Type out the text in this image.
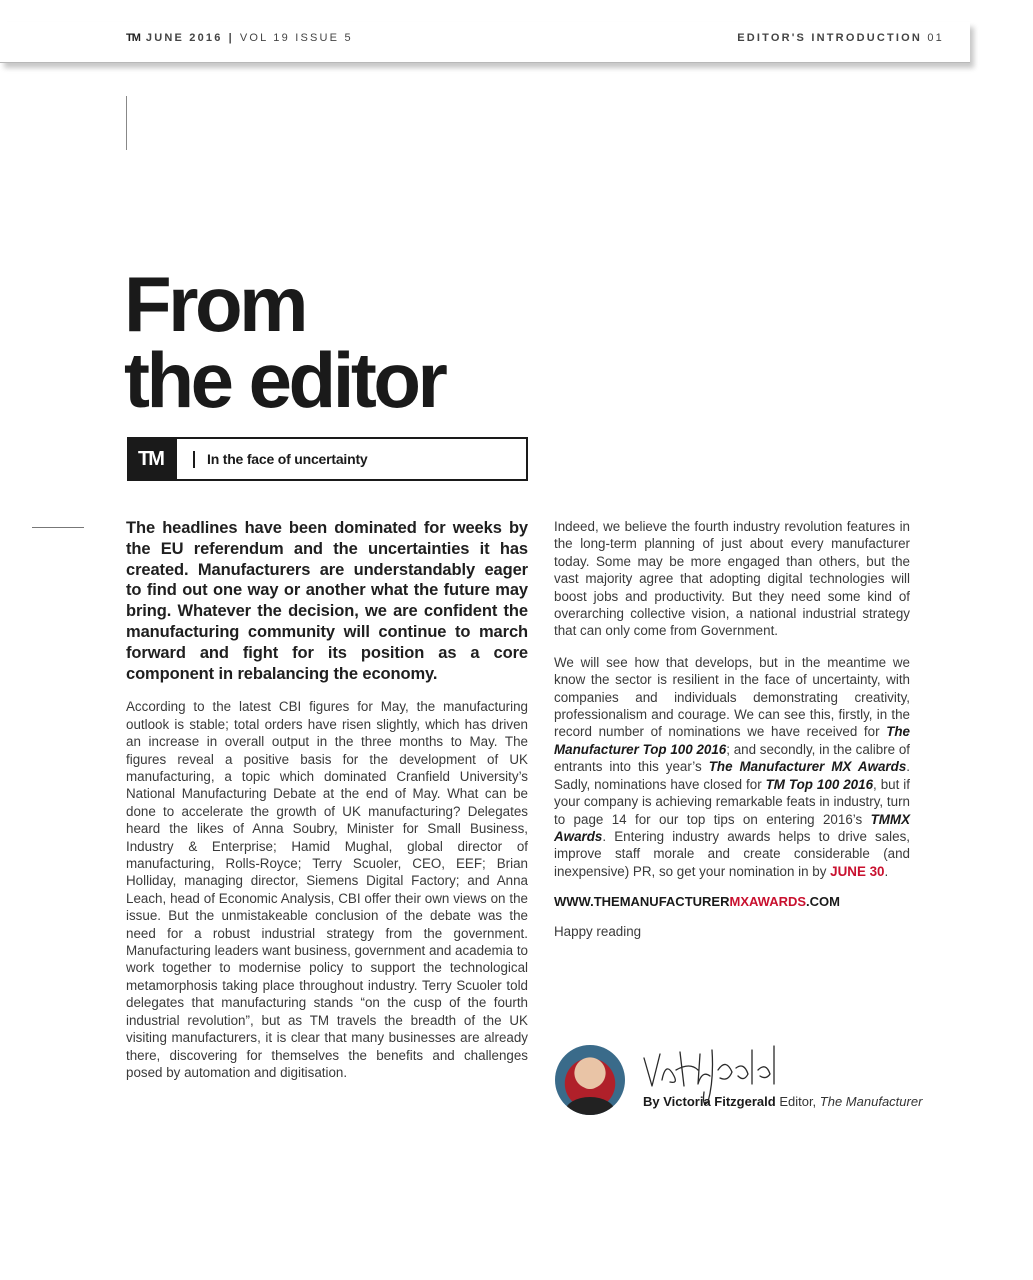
TM JUNE 2016 | VOL 19 ISSUE 5	EDITOR'S INTRODUCTION 01
From
the editor
TM	In the face of uncertainty

The headlines have been dominated for weeks by the EU referendum and the uncertainties it has created. Manufacturers are understandably eager to find out one way or another what the future may bring. Whatever the decision, we are confident the manufacturing community will continue to march forward and fight for its position as a core component in rebalancing the economy.

According to the latest CBI figures for May, the manufacturing outlook is stable; total orders have risen slightly, which has driven an increase in overall output in the three months to May. The figures reveal a positive basis for the development of UK manufacturing, a topic which dominated Cranfield University’s National Manufacturing Debate at the end of May. What can be done to accelerate the growth of UK manufacturing? Delegates heard the likes of Anna Soubry, Minister for Small Business, Industry & Enterprise; Hamid Mughal, global director of manufacturing, Rolls-Royce; Terry Scuoler, CEO, EEF; Brian Holliday, managing director, Siemens Digital Factory; and Anna Leach, head of Economic Analysis, CBI offer their own views on the issue. But the unmistakeable conclusion of the debate was the need for a robust industrial strategy from the government. Manufacturing leaders want business, government and academia to work together to modernise policy to support the technological metamorphosis taking place throughout industry. Terry Scuoler told delegates that manufacturing stands “on the cusp of the fourth industrial revolution”, but as TM travels the breadth of the UK visiting manufacturers, it is clear that many businesses are already there, discovering for themselves the benefits and challenges posed by automation and digitisation.

Indeed, we believe the fourth industry revolution features in the long-term planning of just about every manufacturer today. Some may be more engaged than others, but the vast majority agree that adopting digital technologies will boost jobs and productivity. But they need some kind of overarching collective vision, a national industrial strategy that can only come from Government.

We will see how that develops, but in the meantime we know the sector is resilient in the face of uncertainty, with companies and individuals demonstrating creativity, professionalism and courage. We can see this, firstly, in the record number of nominations we have received for The Manufacturer Top 100 2016; and secondly, in the calibre of entrants into this year’s The Manufacturer MX Awards. Sadly, nominations have closed for TM Top 100 2016, but if your company is achieving remarkable feats in industry, turn to page 14 for our top tips on entering 2016’s TMMX Awards. Entering industry awards helps to drive sales, improve staff morale and create considerable (and inexpensive) PR, so get your nomination in by JUNE 30.

WWW.THEMANUFACTURERMXAWARDS.COM

Happy reading

By Victoria Fitzgerald Editor, The Manufacturer
